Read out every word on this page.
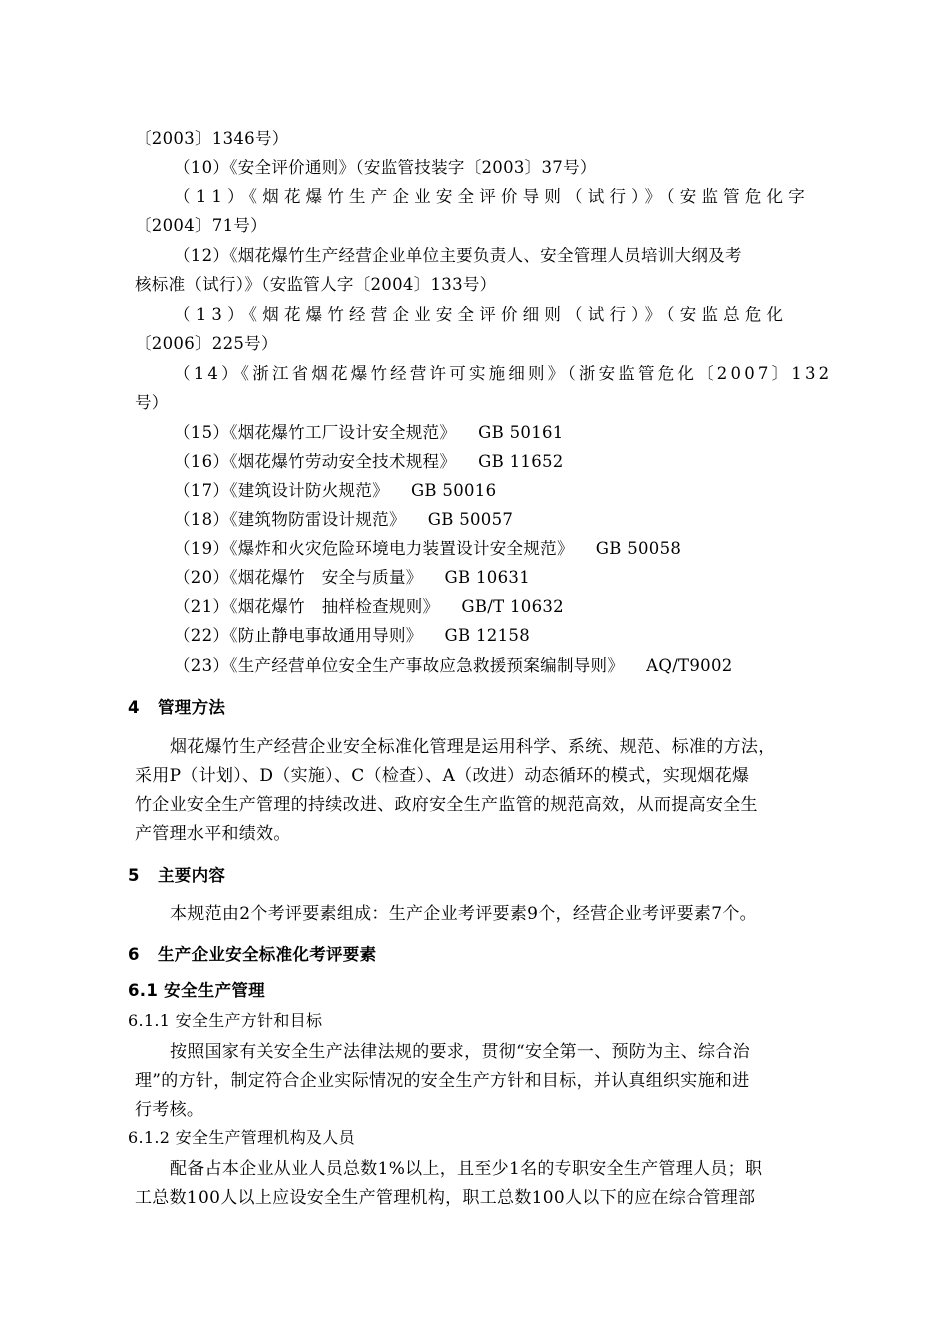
〔2003〕1346号）
（10）《安全评价通则》（安监管技装字〔2003〕37号）
（11）《烟花爆竹生产企业安全评价导则（试行）》（安监管危化字
〔2004〕71号）
（12）《烟花爆竹生产经营企业单位主要负责人、安全管理人员培训大纲及考
核标准（试行）》（安监管人字〔2004〕133号）
（13）《烟花爆竹经营企业安全评价细则（试行）》（安监总危化
〔2006〕225号）
（14）《浙江省烟花爆竹经营许可实施细则》（浙安监管危化〔2007〕132
号）
（15）《烟花爆竹工厂设计安全规范》 GB 50161
（16）《烟花爆竹劳动安全技术规程》 GB 11652
（17）《建筑设计防火规范》 GB 50016
（18）《建筑物防雷设计规范》 GB 50057
（19）《爆炸和火灾危险环境电力装置设计安全规范》 GB 50058
（20）《烟花爆竹　安全与质量》 GB 10631
（21）《烟花爆竹　抽样检查规则》 GB/T 10632
（22）《防止静电事故通用导则》 GB 12158
（23）《生产经营单位安全生产事故应急救援预案编制导则》 AQ/T9002
4 管理方法
烟花爆竹生产经营企业安全标准化管理是运用科学、系统、规范、标准的方法，
采用P（计划）、D（实施）、C（检查）、A（改进）动态循环的模式，实现烟花爆
竹企业安全生产管理的持续改进、政府安全生产监管的规范高效，从而提高安全生
产管理水平和绩效。
5 主要内容
本规范由2个考评要素组成：生产企业考评要素9个，经营企业考评要素7个。
6 生产企业安全标准化考评要素
6.1 安全生产管理
6.1.1 安全生产方针和目标
按照国家有关安全生产法律法规的要求，贯彻“安全第一、预防为主、综合治
理”的方针，制定符合企业实际情况的安全生产方针和目标，并认真组织实施和进
行考核。
6.1.2 安全生产管理机构及人员
配备占本企业从业人员总数1%以上，且至少1名的专职安全生产管理人员；职
工总数100人以上应设安全生产管理机构，职工总数100人以下的应在综合管理部
